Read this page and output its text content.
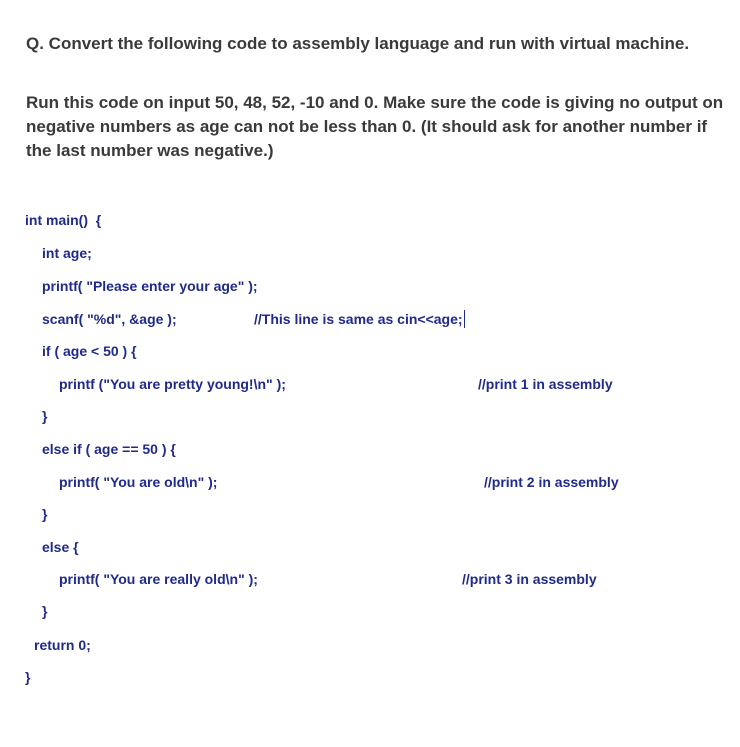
Q. Convert the following code to assembly language and run with virtual machine.

Run this code on input 50, 48, 52, -10 and 0. Make sure the code is giving no output on negative numbers as age can not be less than 0. (It should ask for another number if the last number was negative.)

int main()  {
int age;
printf( "Please enter your age" );
scanf( "%d", &age );	//This line is same as cin<<age;
if ( age < 50 ) {
printf ("You are pretty young!\n" );	//print 1 in assembly
}
else if ( age == 50 ) {
printf( "You are old\n" );	//print 2 in assembly
}
else {
printf( "You are really old\n" );	//print 3 in assembly
}
return 0;
}
